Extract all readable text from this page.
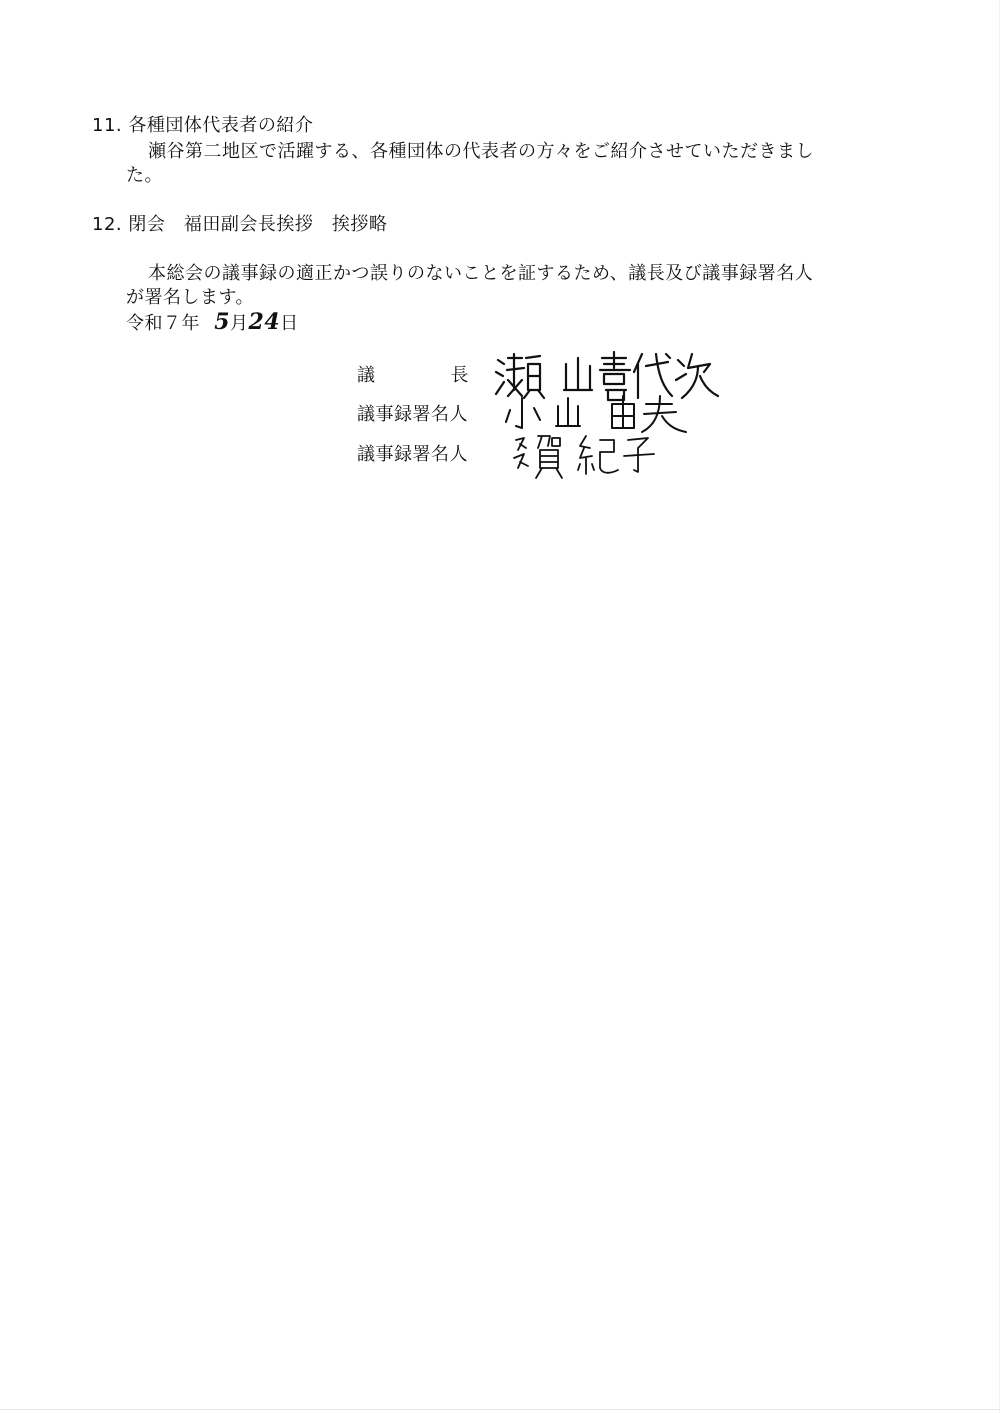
11. 各種団体代表者の紹介
瀬谷第二地区で活躍する、各種団体の代表者の方々をご紹介させていただきまし
た。
12. 閉会　福田副会長挨拶　挨拶略
本総会の議事録の適正かつ誤りのないことを証するため、議長及び議事録署名人
が署名します。
令和７年 5月24日
議	長
議事録署名人
議事録署名人
